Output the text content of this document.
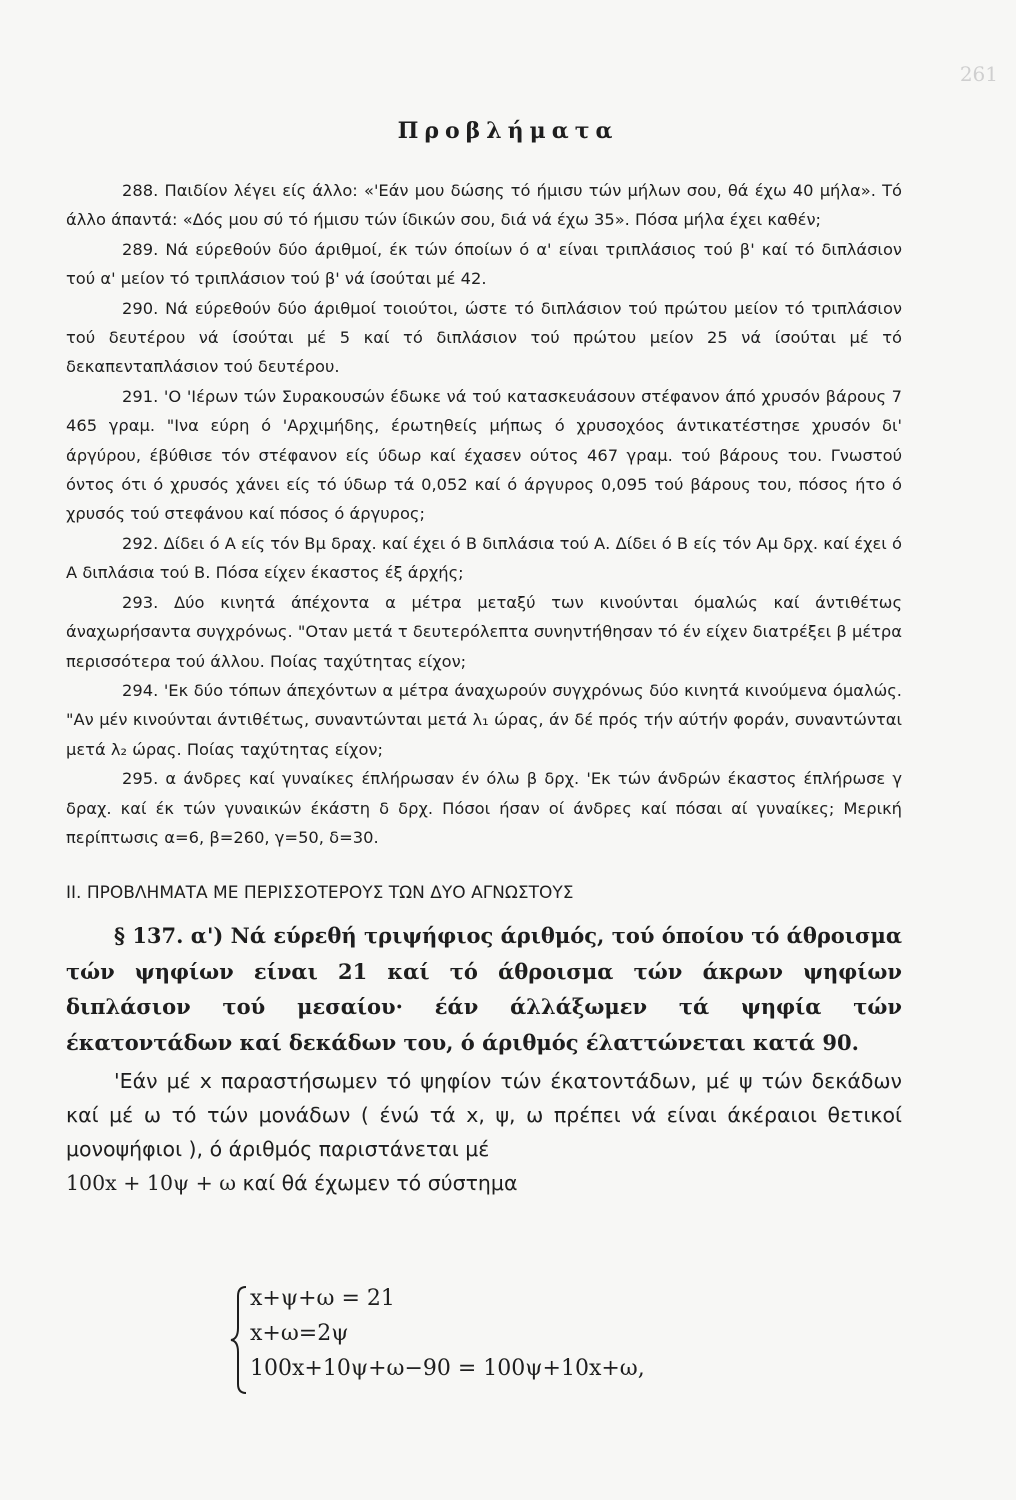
261
Προβλήματα

288. Παιδίον λέγει είς άλλο: «'Εάν μου δώσης τό ήμισυ τών μήλων σου, θά έχω 40 μήλα». Τό άλλο άπαντά: «Δός μου σύ τό ήμισυ τών ίδικών σου, διά νά έχω 35». Πόσα μήλα έχει καθέν;

289. Νά εύρεθούν δύο άριθμοί, έκ τών όποίων ό α' είναι τριπλάσιος τού β' καί τό διπλάσιον τού α' μείον τό τριπλάσιον τού β' νά ίσούται μέ 42.

290. Νά εύρεθούν δύο άριθμοί τοιούτοι, ώστε τό διπλάσιον τού πρώτου μείον τό τριπλάσιον τού δευτέρου νά ίσούται μέ 5 καί τό διπλάσιον τού πρώτου μείον 25 νά ίσούται μέ τό δεκαπενταπλάσιον τού δευτέρου.

291. 'Ο 'Ιέρων τών Συρακουσών έδωκε νά τού κατασκευάσουν στέφανον άπό χρυσόν βάρους 7 465 γραμ. "Ινα εύρη ό 'Αρχιμήδης, έρωτηθείς μήπως ό χρυσοχόος άντικατέστησε χρυσόν δι' άργύρου, έβύθισε τόν στέφανον είς ύδωρ καί έχασεν ούτος 467 γραμ. τού βάρους του. Γνωστού όντος ότι ό χρυσός χάνει είς τό ύδωρ τά 0,052 καί ό άργυρος 0,095 τού βάρους του, πόσος ήτο ό χρυσός τού στεφάνου καί πόσος ό άργυρος;

292. Δίδει ό Α είς τόν Βμ δραχ. καί έχει ό Β διπλάσια τού Α. Δίδει ό Β είς τόν Αμ δρχ. καί έχει ό Α διπλάσια τού Β. Πόσα είχεν έκαστος έξ άρχής;

293. Δύο κινητά άπέχοντα α μέτρα μεταξύ των κινούνται όμαλώς καί άντιθέτως άναχωρήσαντα συγχρόνως. "Οταν μετά τ δευτερόλεπτα συνηντήθησαν τό έν είχεν διατρέξει β μέτρα περισσότερα τού άλλου. Ποίας ταχύτητας είχον;

294. 'Εκ δύο τόπων άπεχόντων α μέτρα άναχωρούν συγχρόνως δύο κινητά κινούμενα όμαλώς. "Αν μέν κινούνται άντιθέτως, συναντώνται μετά λ₁ ώρας, άν δέ πρός τήν αύτήν φοράν, συναντώνται μετά λ₂ ώρας. Ποίας ταχύτητας είχον;

295. α άνδρες καί γυναίκες έπλήρωσαν έν όλω β δρχ. 'Εκ τών άνδρών έκαστος έπλήρωσε γ δραχ. καί έκ τών γυναικών έκάστη δ δρχ. Πόσοι ήσαν οί άνδρες καί πόσαι αί γυναίκες; Μερική περίπτωσις α=6, β=260, γ=50, δ=30.

ΙΙ. ΠΡΟΒΛΗΜΑΤΑ ΜΕ ΠΕΡΙΣΣΟΤΕΡΟΥΣ ΤΩΝ ΔΥΟ ΑΓΝΩΣΤΟΥΣ

§ 137. α') Νά εύρεθή τριψήφιος άριθμός, τού όποίου τό άθροισμα τών ψηφίων είναι 21 καί τό άθροισμα τών άκρων ψηφίων διπλάσιον τού μεσαίου· έάν άλλάξωμεν τά ψηφία τών έκατοντάδων καί δεκάδων του, ό άριθμός έλαττώνεται κατά 90.

'Εάν μέ x παραστήσωμεν τό ψηφίον τών έκατοντάδων, μέ ψ τών δεκάδων καί μέ ω τό τών μονάδων ( ένώ τά x, ψ, ω πρέπει νά είναι άκέραιοι θετικοί μονοψήφιοι ), ό άριθμός παριστάνεται μέ
100x + 10ψ + ω καί θά έχωμεν τό σύστημα

x+ψ+ω = 21
x+ω=2ψ
100x+10ψ+ω−90 = 100ψ+10x+ω,
